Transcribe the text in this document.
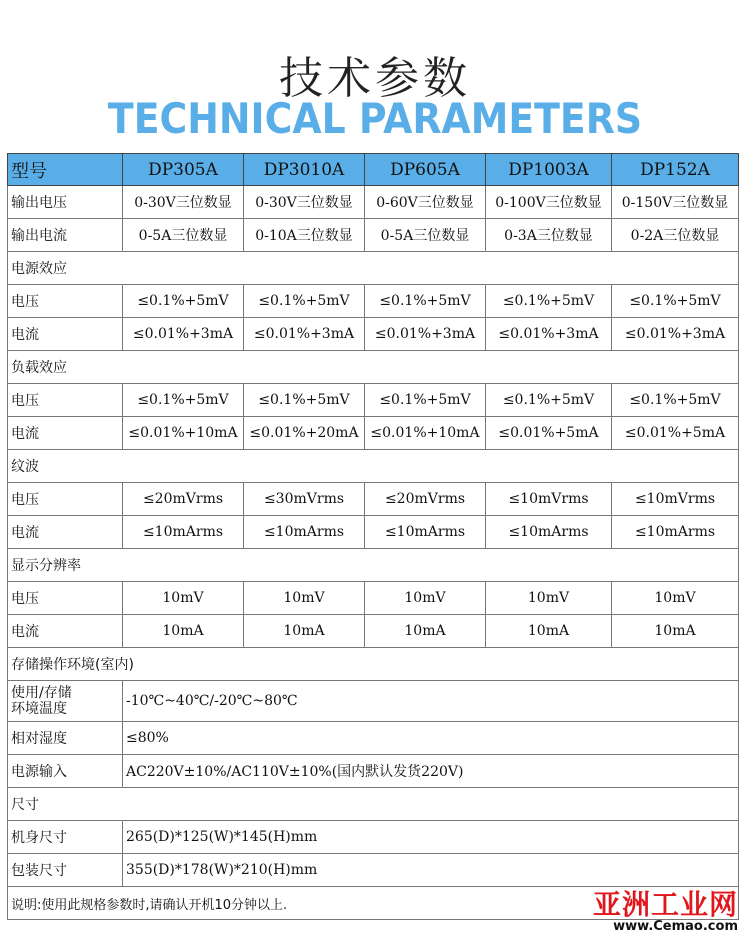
技术参数
TECHNICAL PARAMETERS
型号	DP305A	DP3010A	DP605A	DP1003A	DP152A
输出电压	0-30V三位数显	0-30V三位数显	0-60V三位数显	0-100V三位数显	0-150V三位数显
输出电流	0-5A三位数显	0-10A三位数显	0-5A三位数显	0-3A三位数显	0-2A三位数显
电源效应					
电压	≤0.1%+5mV	≤0.1%+5mV	≤0.1%+5mV	≤0.1%+5mV	≤0.1%+5mV
电流	≤0.01%+3mA	≤0.01%+3mA	≤0.01%+3mA	≤0.01%+3mA	≤0.01%+3mA
负载效应					
电压	≤0.1%+5mV	≤0.1%+5mV	≤0.1%+5mV	≤0.1%+5mV	≤0.1%+5mV
电流	≤0.01%+10mA	≤0.01%+20mA	≤0.01%+10mA	≤0.01%+5mA	≤0.01%+5mA
纹波					
电压	≤20mVrms	≤30mVrms	≤20mVrms	≤10mVrms	≤10mVrms
电流	≤10mArms	≤10mArms	≤10mArms	≤10mArms	≤10mArms
显示分辨率					
电压	10mV	10mV	10mV	10mV	10mV
电流	10mA	10mA	10mA	10mA	10mA
存储操作环境(室内)					

使用/存储
环境温度	-10℃~40℃/-20℃~80℃				
相对湿度	≤80%				
电源输入	AC220V±10%/AC110V±10%(国内默认发货220V)				
尺寸					
机身尺寸	265(D)*125(W)*145(H)mm				
包装尺寸	355(D)*178(W)*210(H)mm				
说明:使用此规格参数时,请确认开机10分钟以上.						亚洲工业网
www.Cemao.com
